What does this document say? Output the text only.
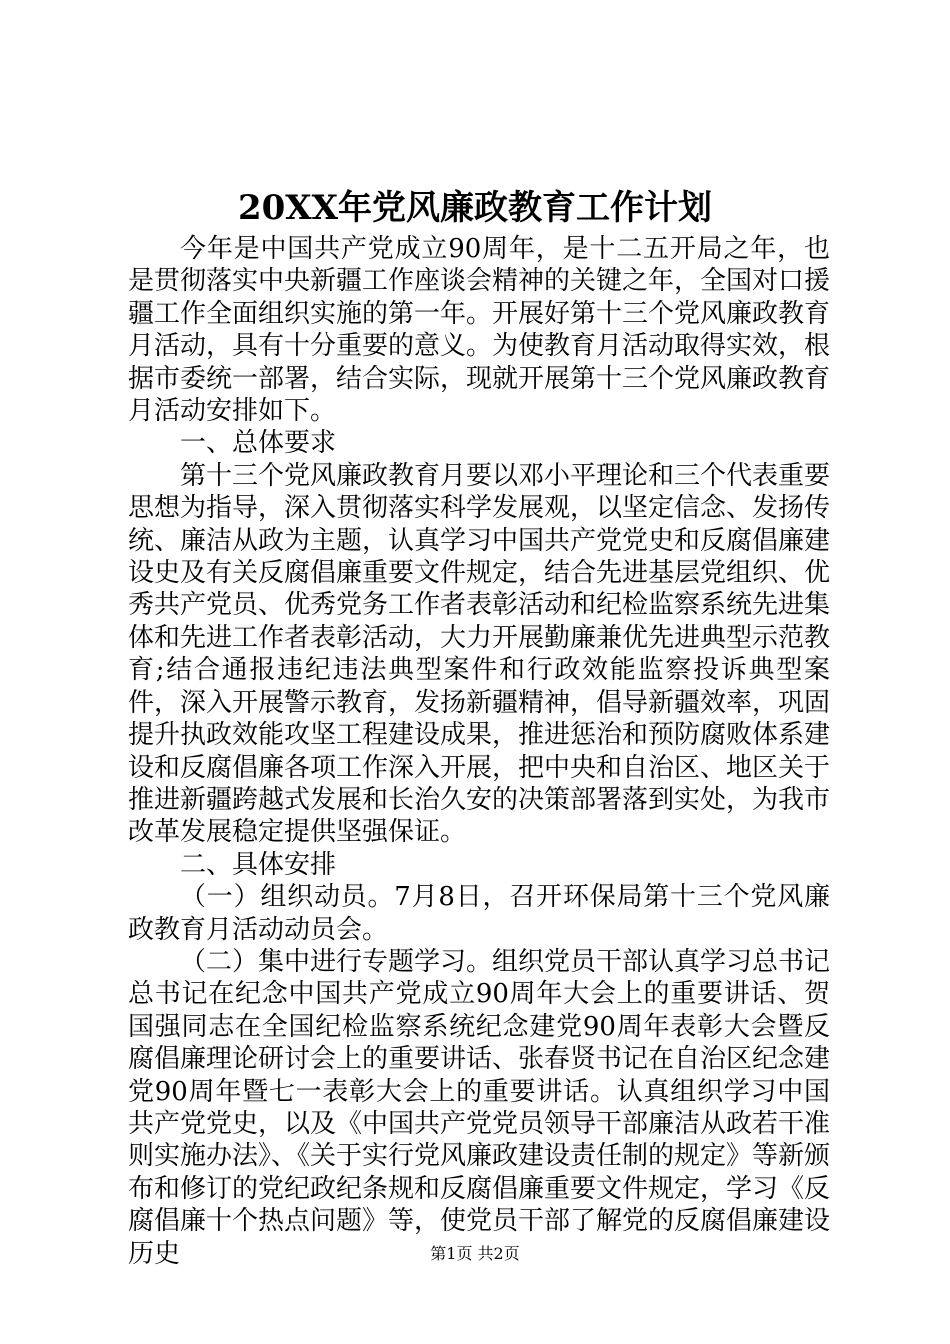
20XX年党风廉政教育工作计划

今年是中国共产党成立90周年，是十二五开局之年，也是贯彻落实中央新疆工作座谈会精神的关键之年，全国对口援疆工作全面组织实施的第一年。开展好第十三个党风廉政教育月活动，具有十分重要的意义。为使教育月活动取得实效，根据市委统一部署，结合实际，现就开展第十三个党风廉政教育月活动安排如下。

一、总体要求

第十三个党风廉政教育月要以邓小平理论和三个代表重要思想为指导，深入贯彻落实科学发展观，以坚定信念、发扬传统、廉洁从政为主题，认真学习中国共产党党史和反腐倡廉建设史及有关反腐倡廉重要文件规定，结合先进基层党组织、优秀共产党员、优秀党务工作者表彰活动和纪检监察系统先进集体和先进工作者表彰活动，大力开展勤廉兼优先进典型示范教育;结合通报违纪违法典型案件和行政效能监察投诉典型案件，深入开展警示教育，发扬新疆精神，倡导新疆效率，巩固提升执政效能攻坚工程建设成果，推进惩治和预防腐败体系建设和反腐倡廉各项工作深入开展，把中央和自治区、地区关于推进新疆跨越式发展和长治久安的决策部署落到实处，为我市改革发展稳定提供坚强保证。

二、具体安排

（一）组织动员。7月8日，召开环保局第十三个党风廉政教育月活动动员会。

（二）集中进行专题学习。组织党员干部认真学习总书记总书记在纪念中国共产党成立90周年大会上的重要讲话、贺国强同志在全国纪检监察系统纪念建党90周年表彰大会暨反腐倡廉理论研讨会上的重要讲话、张春贤书记在自治区纪念建党90周年暨七一表彰大会上的重要讲话。认真组织学习中国共产党党史，以及《中国共产党党员领导干部廉洁从政若干准则实施办法》、《关于实行党风廉政建设责任制的规定》等新颁布和修订的党纪政纪条规和反腐倡廉重要文件规定，学习《反腐倡廉十个热点问题》等，使党员干部了解党的反腐倡廉建设历史	第1页 共2页
